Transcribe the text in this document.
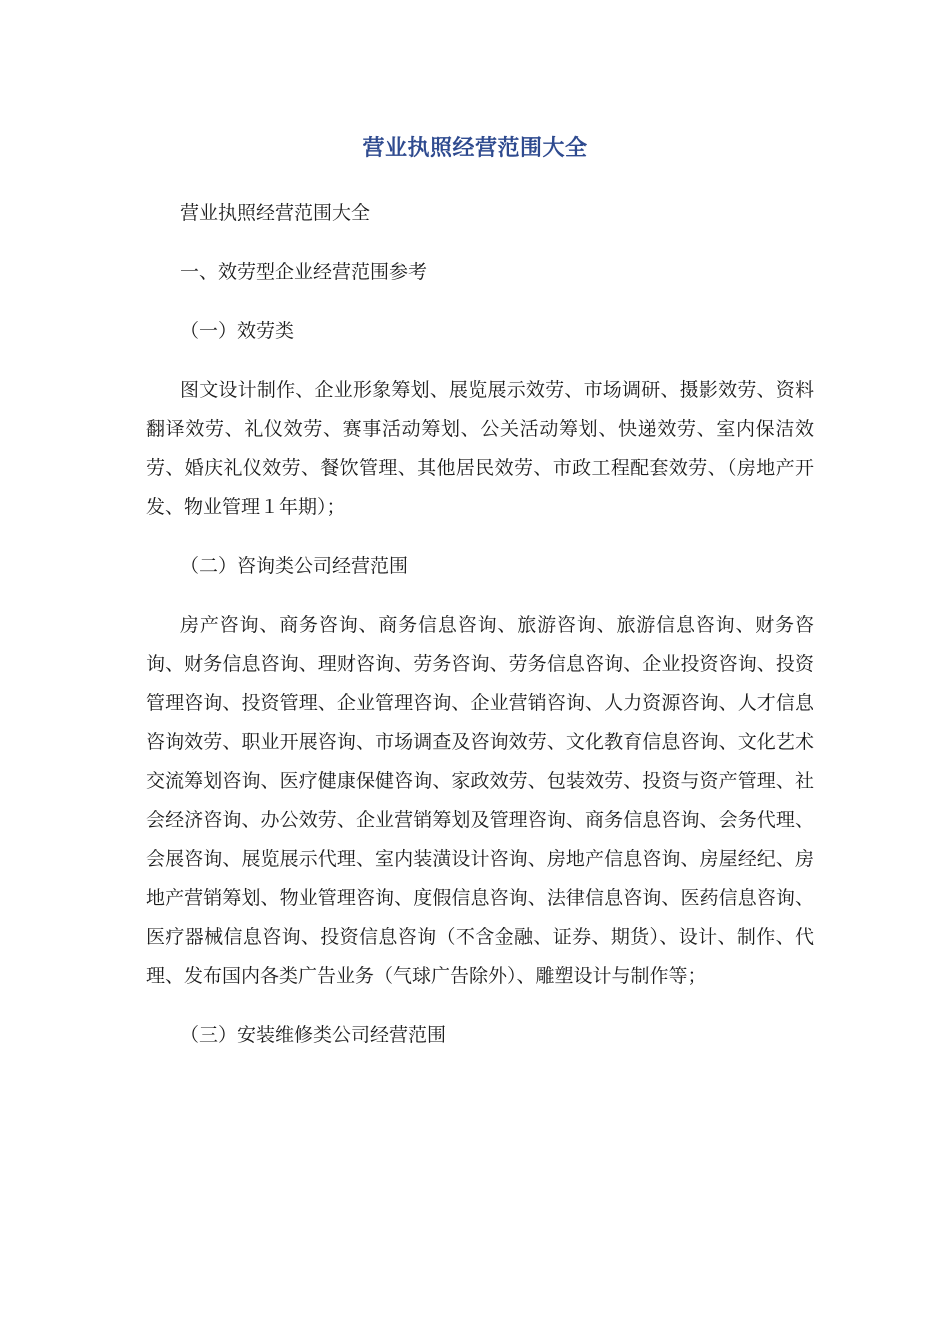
营业执照经营范围大全

营业执照经营范围大全

一、效劳型企业经营范围参考

（一）效劳类

图文设计制作、企业形象筹划、展览展示效劳、市场调研、摄影效劳、资料翻译效劳、礼仪效劳、赛事活动筹划、公关活动筹划、快递效劳、室内保洁效劳、婚庆礼仪效劳、餐饮管理、其他居民效劳、市政工程配套效劳、（房地产开发、物业管理１年期）；

（二）咨询类公司经营范围

房产咨询、商务咨询、商务信息咨询、旅游咨询、旅游信息咨询、财务咨询、财务信息咨询、理财咨询、劳务咨询、劳务信息咨询、企业投资咨询、投资管理咨询、投资管理、企业管理咨询、企业营销咨询、人力资源咨询、人才信息咨询效劳、职业开展咨询、市场调查及咨询效劳、文化教育信息咨询、文化艺术交流筹划咨询、医疗健康保健咨询、家政效劳、包装效劳、投资与资产管理、社会经济咨询、办公效劳、企业营销筹划及管理咨询、商务信息咨询、会务代理、会展咨询、展览展示代理、室内装潢设计咨询、房地产信息咨询、房屋经纪、房地产营销筹划、物业管理咨询、度假信息咨询、法律信息咨询、医药信息咨询、医疗器械信息咨询、投资信息咨询（不含金融、证券、期货）、设计、制作、代理、发布国内各类广告业务（气球广告除外）、雕塑设计与制作等；

（三）安装维修类公司经营范围
